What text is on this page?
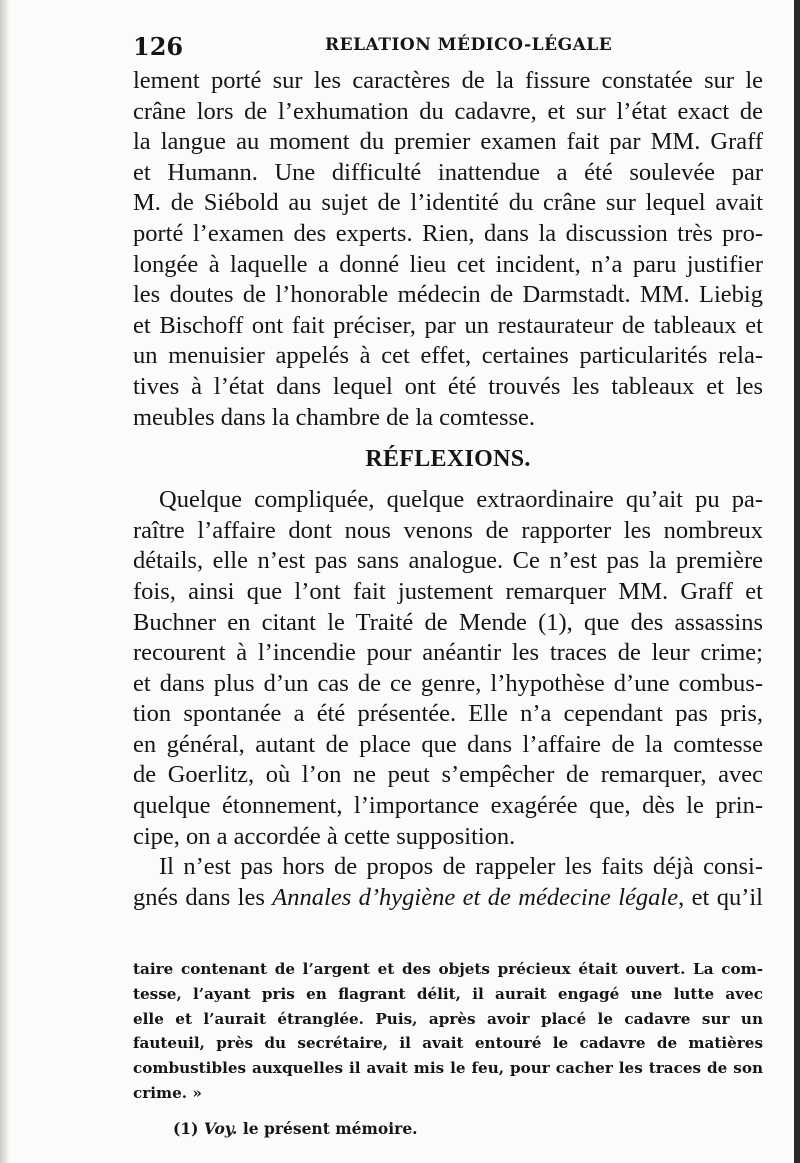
126	RELATION MÉDICO-LÉGALE
lement porté sur les caractères de la fissure constatée sur le
crâne lors de l’exhumation du cadavre, et sur l’état exact de
la langue au moment du premier examen fait par MM. Graff
et Humann. Une difficulté inattendue a été soulevée par
M. de Siébold au sujet de l’identité du crâne sur lequel avait
porté l’examen des experts. Rien, dans la discussion très pro-
longée à laquelle a donné lieu cet incident, n’a paru justifier
les doutes de l’honorable médecin de Darmstadt. MM. Liebig
et Bischoff ont fait préciser, par un restaurateur de tableaux et
un menuisier appelés à cet effet, certaines particularités rela-
tives à l’état dans lequel ont été trouvés les tableaux et les
meubles dans la chambre de la comtesse.
RÉFLEXIONS.
Quelque compliquée, quelque extraordinaire qu’ait pu pa-
raître l’affaire dont nous venons de rapporter les nombreux
détails, elle n’est pas sans analogue. Ce n’est pas la première
fois, ainsi que l’ont fait justement remarquer MM. Graff et
Buchner en citant le Traité de Mende (1), que des assassins
recourent à l’incendie pour anéantir les traces de leur crime;
et dans plus d’un cas de ce genre, l’hypothèse d’une combus-
tion spontanée a été présentée. Elle n’a cependant pas pris,
en général, autant de place que dans l’affaire de la comtesse
de Goerlitz, où l’on ne peut s’empêcher de remarquer, avec
quelque étonnement, l’importance exagérée que, dès le prin-
cipe, on a accordée à cette supposition.
Il n’est pas hors de propos de rappeler les faits déjà consi-
gnés dans les Annales d’hygiène et de médecine légale, et qu’il
taire contenant de l’argent et des objets précieux était ouvert. La com-
tesse, l’ayant pris en flagrant délit, il aurait engagé une lutte avec
elle et l’aurait étranglée. Puis, après avoir placé le cadavre sur un
fauteuil, près du secrétaire, il avait entouré le cadavre de matières
combustibles auxquelles il avait mis le feu, pour cacher les traces de son
crime. »
(1) Voy. le présent mémoire.
